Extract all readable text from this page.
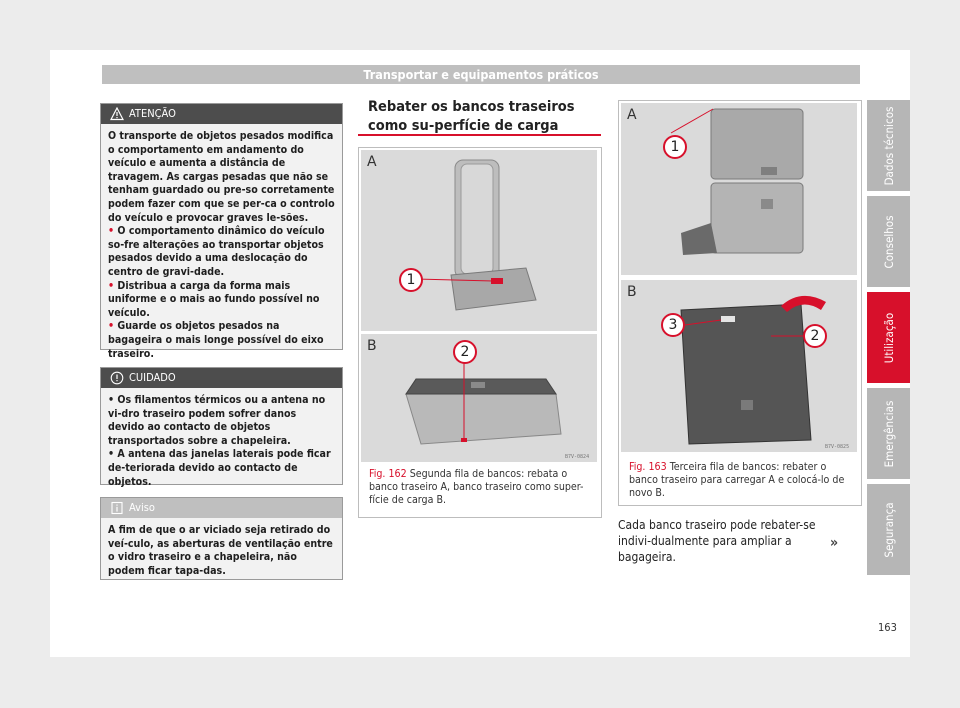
Transportar e equipamentos práticos
ATENÇÃO

O transporte de objetos pesados modifica o comportamento em andamento do veículo e aumenta a distância de travagem. As cargas pesadas que não se tenham guardado ou pre-so corretamente podem fazer com que se per-ca o controlo do veículo e provocar graves le-sões.

• O comportamento dinâmico do veículo so-fre alterações ao transportar objetos pesados devido a uma deslocação do centro de gravi-dade.

• Distribua a carga da forma mais uniforme e o mais ao fundo possível no veículo.

• Guarde os objetos pesados na bagageira o mais longe possível do eixo traseiro.

CUIDADO

• Os filamentos térmicos ou a antena no vi-dro traseiro podem sofrer danos devido ao contacto de objetos transportados sobre a chapeleira.

• A antena das janelas laterais pode ficar de-teriorada devido ao contacto de objetos.

Aviso

A fim de que o ar viciado seja retirado do veí-culo, as aberturas de ventilação entre o vidro traseiro e a chapeleira, não podem ficar tapa-das.

Rebater os bancos traseiros como su-perfície de carga
A
1
B	2
B7V-0824
Fig. 162 Segunda fila de bancos: rebata o banco traseiro A, banco traseiro como super-fície de carga B.
A
1
B
3
2
B7V-0825
Fig. 163 Terceira fila de bancos: rebater o banco traseiro para carregar A e colocá-lo de novo B.
Cada banco traseiro pode rebater-se indivi-dualmente para ampliar a bagageira.
»
Dados técnicos
Conselhos
Utilização
Emergências
Segurança
163
